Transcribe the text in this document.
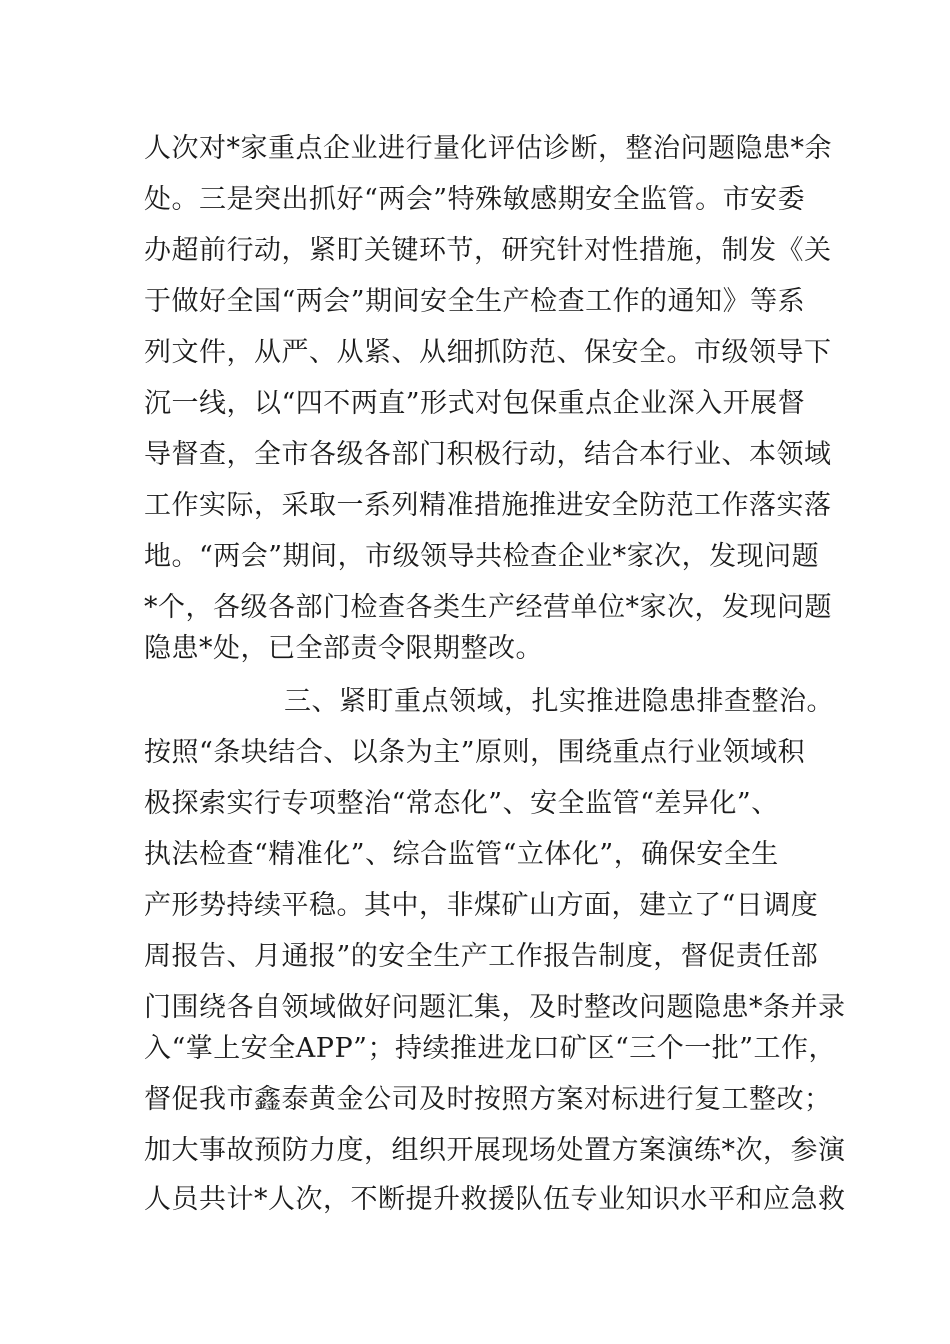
人次对*家重点企业进行量化评估诊断，整治问题隐患*余
处。三是突出抓好“两会”特殊敏感期安全监管。市安委
办超前行动，紧盯关键环节，研究针对性措施，制发《关
于做好全国“两会”期间安全生产检查工作的通知》等系
列文件，从严、从紧、从细抓防范、保安全。市级领导下
沉一线，以“四不两直”形式对包保重点企业深入开展督
导督查，全市各级各部门积极行动，结合本行业、本领域
工作实际，采取一系列精准措施推进安全防范工作落实落
地。“两会”期间，市级领导共检查企业*家次，发现问题
*个，各级各部门检查各类生产经营单位*家次，发现问题
隐患*处，已全部责令限期整改。
三、紧盯重点领域，扎实推进隐患排查整治。
按照“条块结合、以条为主”原则，围绕重点行业领域积
极探索实行专项整治“常态化”、安全监管“差异化”、
执法检查“精准化”、综合监管“立体化”，确保安全生
产形势持续平稳。其中，非煤矿山方面，建立了“日调度
周报告、月通报”的安全生产工作报告制度，督促责任部
门围绕各自领域做好问题汇集，及时整改问题隐患*条并录
入“掌上安全APP”；持续推进龙口矿区“三个一批”工作，
督促我市鑫泰黄金公司及时按照方案对标进行复工整改；
加大事故预防力度，组织开展现场处置方案演练*次，参演
人员共计*人次，不断提升救援队伍专业知识水平和应急救
